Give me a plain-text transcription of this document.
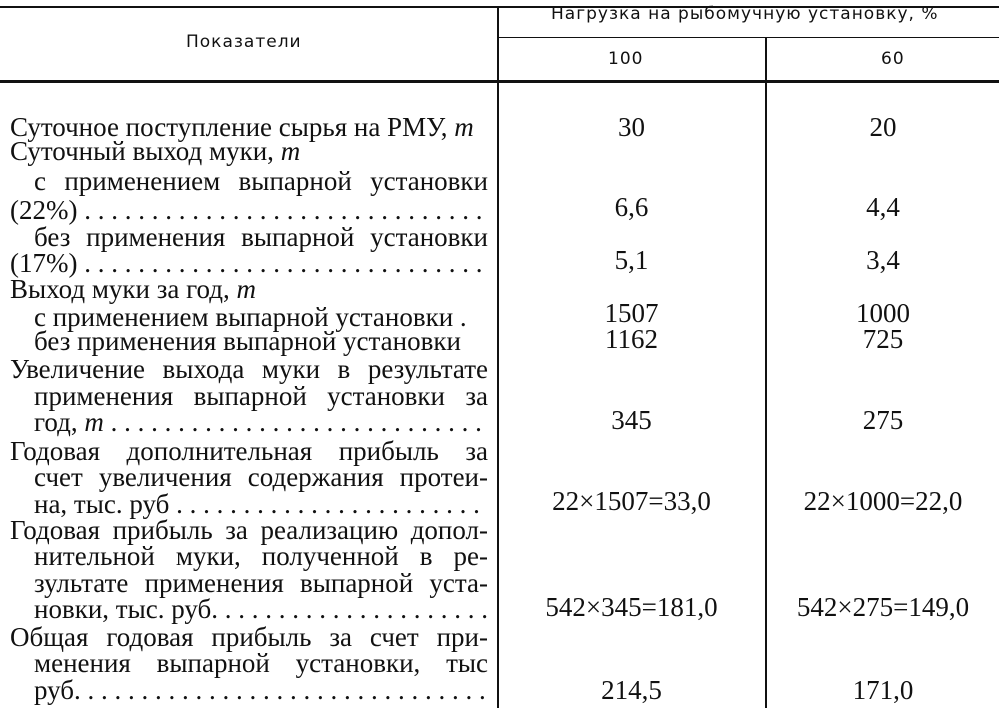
Показатели
Нагрузка на рыбомучную установку, %
100	60
Суточное поступление сырья на РМУ, т	30	20
Суточный выход муки, т
с применением выпарной установки
(22%) . . .	6,6	4,4
без применения выпарной установки
(17%) . . .	5,1	3,4
Выход муки за год, т
с применением выпарной установки .	1507	1000
без применения выпарной установки	1162	725
Увеличение выхода муки в результате
применения выпарной установки за
год, т . . .	345	275
Годовая дополнительная прибыль за
счет увеличения содержания протеи-
на, тыс. руб . . .	22×1507=33,0	22×1000=22,0
Годовая прибыль за реализацию допол-
нительной муки, полученной в ре-
зультате применения выпарной уста-
новки, тыс. руб. . . .	542×345=181,0	542×275=149,0
Общая годовая прибыль за счет при-
менения выпарной установки, тыс
руб. . . .	214,5	171,0
